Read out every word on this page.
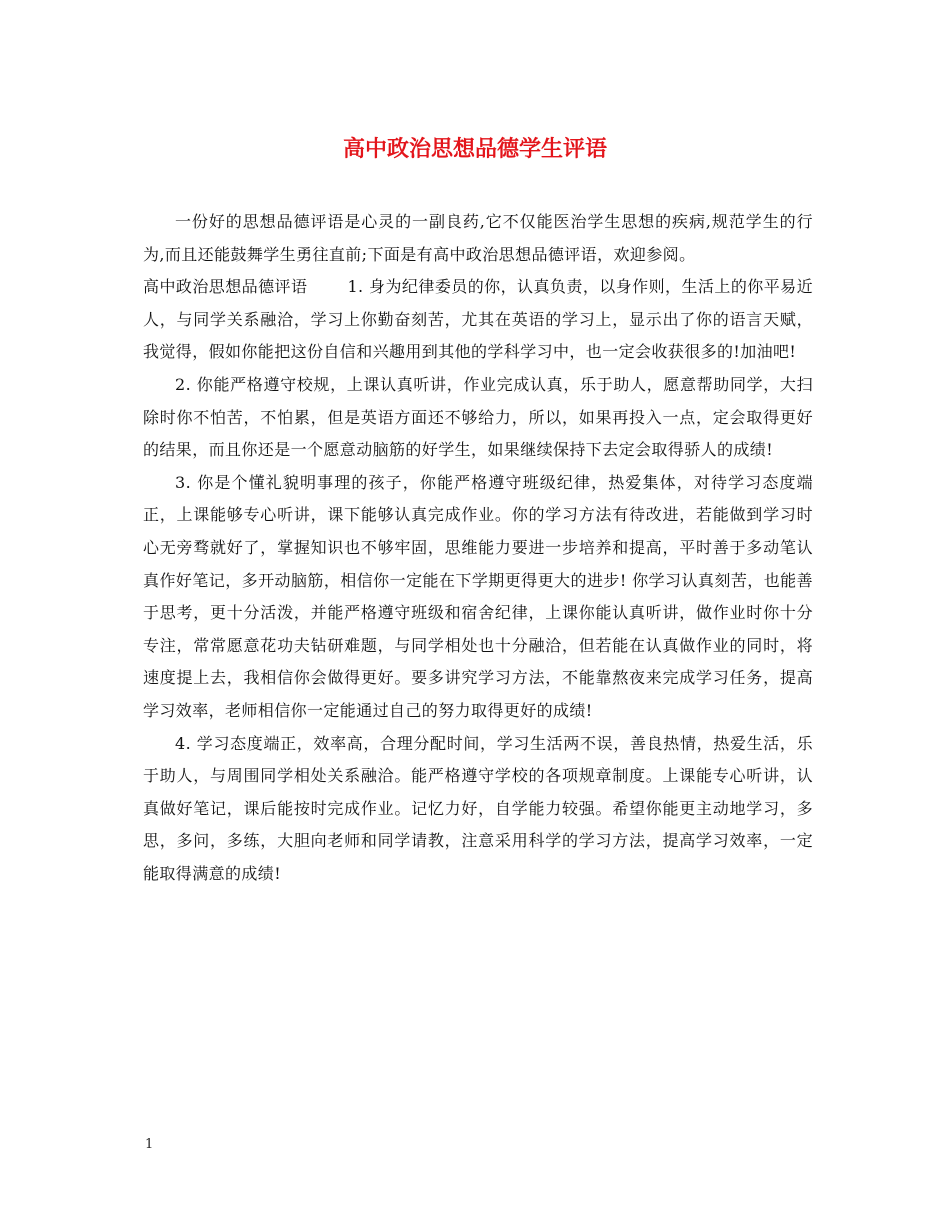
高中政治思想品德学生评语

一份好的思想品德评语是心灵的一副良药,它不仅能医治学生思想的疾病,规范学生的行为,而且还能鼓舞学生勇往直前;下面是有高中政治思想品德评语，欢迎参阅。

高中政治思想品德评语	1. 身为纪律委员的你，认真负责，以身作则，生活上的你平易近人，与同学关系融洽，学习上你勤奋刻苦，尤其在英语的学习上，显示出了你的语言天赋，我觉得，假如你能把这份自信和兴趣用到其他的学科学习中，也一定会收获很多的!加油吧!

2. 你能严格遵守校规，上课认真听讲，作业完成认真，乐于助人，愿意帮助同学，大扫除时你不怕苦，不怕累，但是英语方面还不够给力，所以，如果再投入一点，定会取得更好的结果，而且你还是一个愿意动脑筋的好学生，如果继续保持下去定会取得骄人的成绩!

3. 你是个懂礼貌明事理的孩子，你能严格遵守班级纪律，热爱集体，对待学习态度端正，上课能够专心听讲，课下能够认真完成作业。你的学习方法有待改进，若能做到学习时心无旁骛就好了，掌握知识也不够牢固，思维能力要进一步培养和提高，平时善于多动笔认真作好笔记，多开动脑筋，相信你一定能在下学期更得更大的进步! 你学习认真刻苦，也能善于思考，更十分活泼，并能严格遵守班级和宿舍纪律，上课你能认真听讲，做作业时你十分专注，常常愿意花功夫钻研难题，与同学相处也十分融洽，但若能在认真做作业的同时，将速度提上去，我相信你会做得更好。要多讲究学习方法，不能靠熬夜来完成学习任务，提高学习效率，老师相信你一定能通过自己的努力取得更好的成绩!

4. 学习态度端正，效率高，合理分配时间，学习生活两不误，善良热情，热爱生活，乐于助人，与周围同学相处关系融洽。能严格遵守学校的各项规章制度。上课能专心听讲，认真做好笔记，课后能按时完成作业。记忆力好，自学能力较强。希望你能更主动地学习，多思，多问，多练，大胆向老师和同学请教，注意采用科学的学习方法，提高学习效率，一定能取得满意的成绩!

1
